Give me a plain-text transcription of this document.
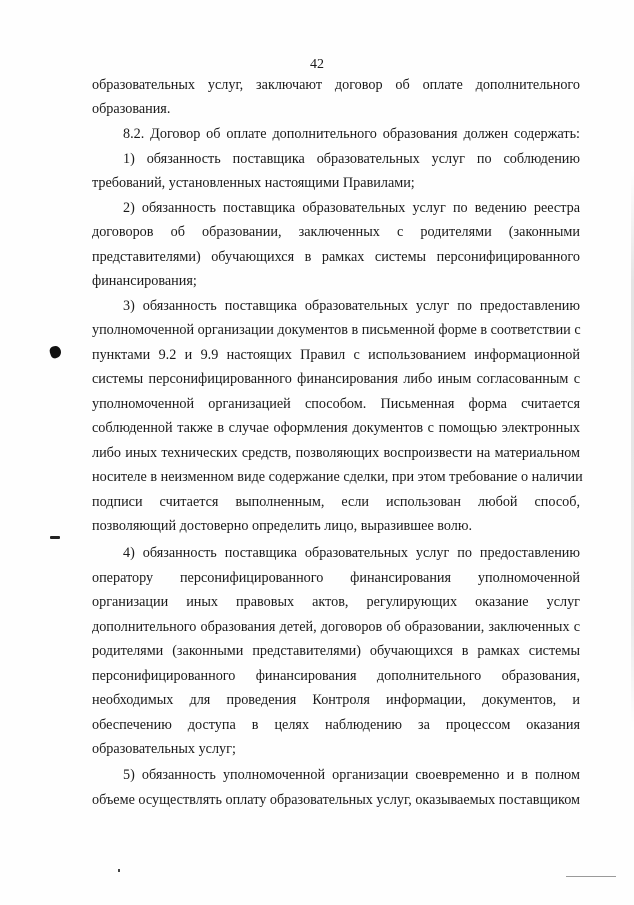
42
образовательных услуг, заключают договор об оплате дополнительного
образования.
8.2. Договор об оплате дополнительного образования должен содержать:
1) обязанность поставщика образовательных услуг по соблюдению
требований, установленных настоящими Правилами;
2) обязанность поставщика образовательных услуг по ведению реестра
договоров об образовании, заключенных с родителями (законными
представителями) обучающихся в рамках системы персонифицированного
финансирования;
3) обязанность поставщика образовательных услуг по предоставлению
уполномоченной организации документов в письменной форме в соответствии с
пунктами 9.2 и 9.9 настоящих Правил с использованием информационной
системы персонифицированного финансирования либо иным согласованным с
уполномоченной организацией способом. Письменная форма считается
соблюденной также в случае оформления документов с помощью электронных
либо иных технических средств, позволяющих воспроизвести на материальном
носителе в неизменном виде содержание сделки, при этом требование о наличии
подписи считается выполненным, если использован любой способ,
позволяющий достоверно определить лицо, выразившее волю.
4) обязанность поставщика образовательных услуг по предоставлению
оператору персонифицированного финансирования уполномоченной
организации иных правовых актов, регулирующих оказание услуг
дополнительного образования детей, договоров об образовании, заключенных с
родителями (законными представителями) обучающихся в рамках системы
персонифицированного финансирования дополнительного образования,
необходимых для проведения Контроля информации, документов, и
обеспечению доступа в целях наблюдению за процессом оказания
образовательных услуг;
5) обязанность уполномоченной организации своевременно и в полном
объеме осуществлять оплату образовательных услуг, оказываемых поставщиком
